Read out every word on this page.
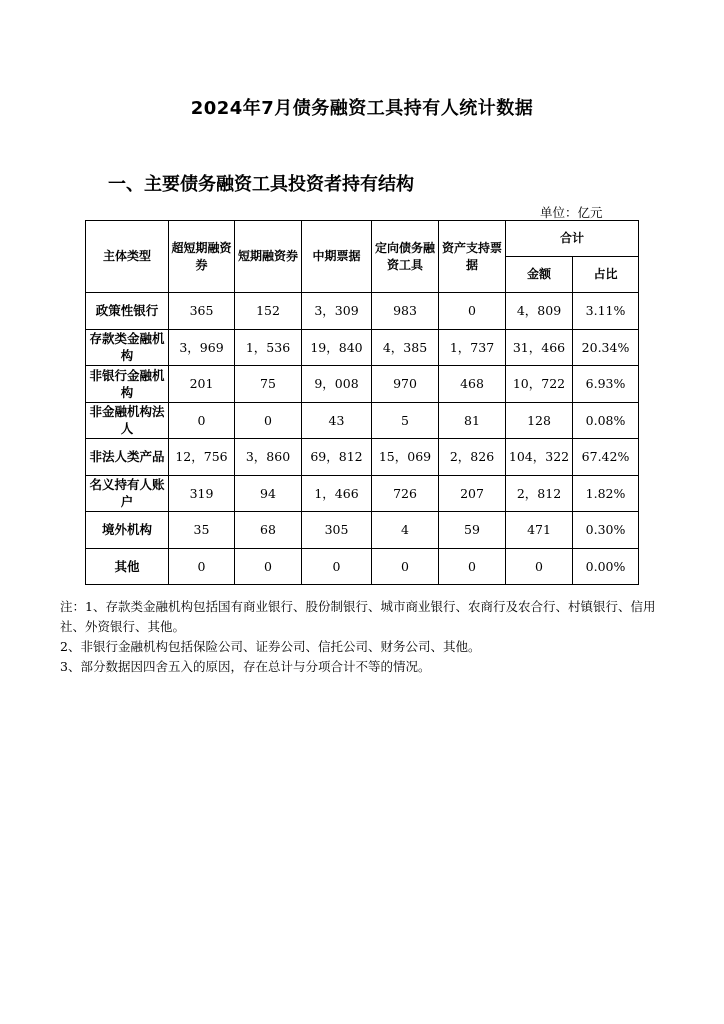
2024年7月债务融资工具持有人统计数据
一、主要债务融资工具投资者持有结构
单位：亿元
主体类型	超短期融资券	短期融资券	中期票据	定向债务融资工具	资产支持票据	合计	
						金额	占比
政策性银行	365	152	3，309	983	0	4，809	3.11%
存款类金融机构	3，969	1，536	19，840	4，385	1，737	31，466	20.34%
非银行金融机构	201	75	9，008	970	468	10，722	6.93%
非金融机构法人	0	0	43	5	81	128	0.08%
非法人类产品	12，756	3，860	69，812	15，069	2，826	104，322	67.42%
名义持有人账户	319	94	1，466	726	207	2，812	1.82%
境外机构	35	68	305	4	59	471	0.30%
其他	0	0	0	0	0	0	0.00%

注：1、存款类金融机构包括国有商业银行、股份制银行、城市商业银行、农商行及农合行、村镇银行、信用社、外资银行、其他。

2、非银行金融机构包括保险公司、证券公司、信托公司、财务公司、其他。

3、部分数据因四舍五入的原因，存在总计与分项合计不等的情况。
